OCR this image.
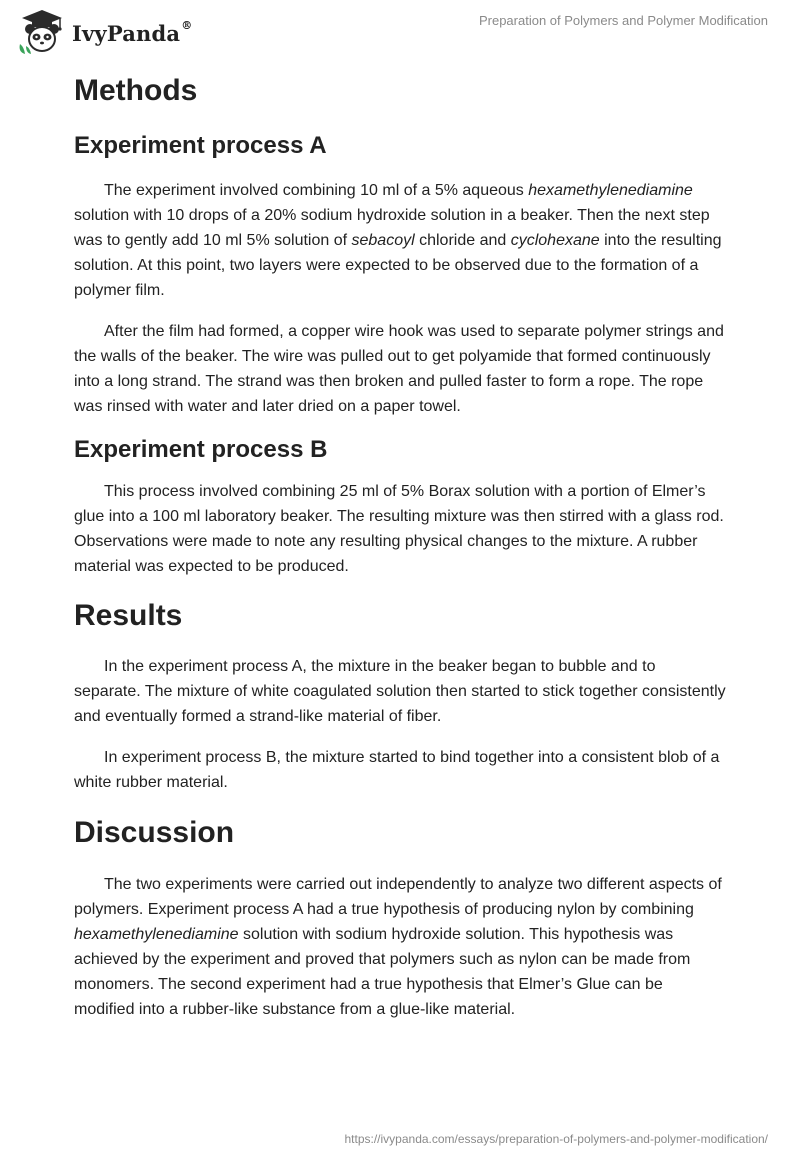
IvyPanda®	Preparation of Polymers and Polymer Modification
Methods
Experiment process A

The experiment involved combining 10 ml of a 5% aqueous hexamethylenediamine solution with 10 drops of a 20% sodium hydroxide solution in a beaker. Then the next step was to gently add 10 ml 5% solution of sebacoyl chloride and cyclohexane into the resulting solution. At this point, two layers were expected to be observed due to the formation of a polymer film.

After the film had formed, a copper wire hook was used to separate polymer strings and the walls of the beaker. The wire was pulled out to get polyamide that formed continuously into a long strand. The strand was then broken and pulled faster to form a rope. The rope was rinsed with water and later dried on a paper towel.

Experiment process B

This process involved combining 25 ml of 5% Borax solution with a portion of Elmer’s glue into a 100 ml laboratory beaker. The resulting mixture was then stirred with a glass rod. Observations were made to note any resulting physical changes to the mixture. A rubber material was expected to be produced.

Results

In the experiment process A, the mixture in the beaker began to bubble and to separate. The mixture of white coagulated solution then started to stick together consistently and eventually formed a strand-like material of fiber.

In experiment process B, the mixture started to bind together into a consistent blob of a white rubber material.

Discussion

The two experiments were carried out independently to analyze two different aspects of polymers. Experiment process A had a true hypothesis of producing nylon by combining hexamethylenediamine solution with sodium hydroxide solution. This hypothesis was achieved by the experiment and proved that polymers such as nylon can be made from monomers. The second experiment had a true hypothesis that Elmer’s Glue can be modified into a rubber-like substance from a glue-like material.

https://ivypanda.com/essays/preparation-of-polymers-and-polymer-modification/
